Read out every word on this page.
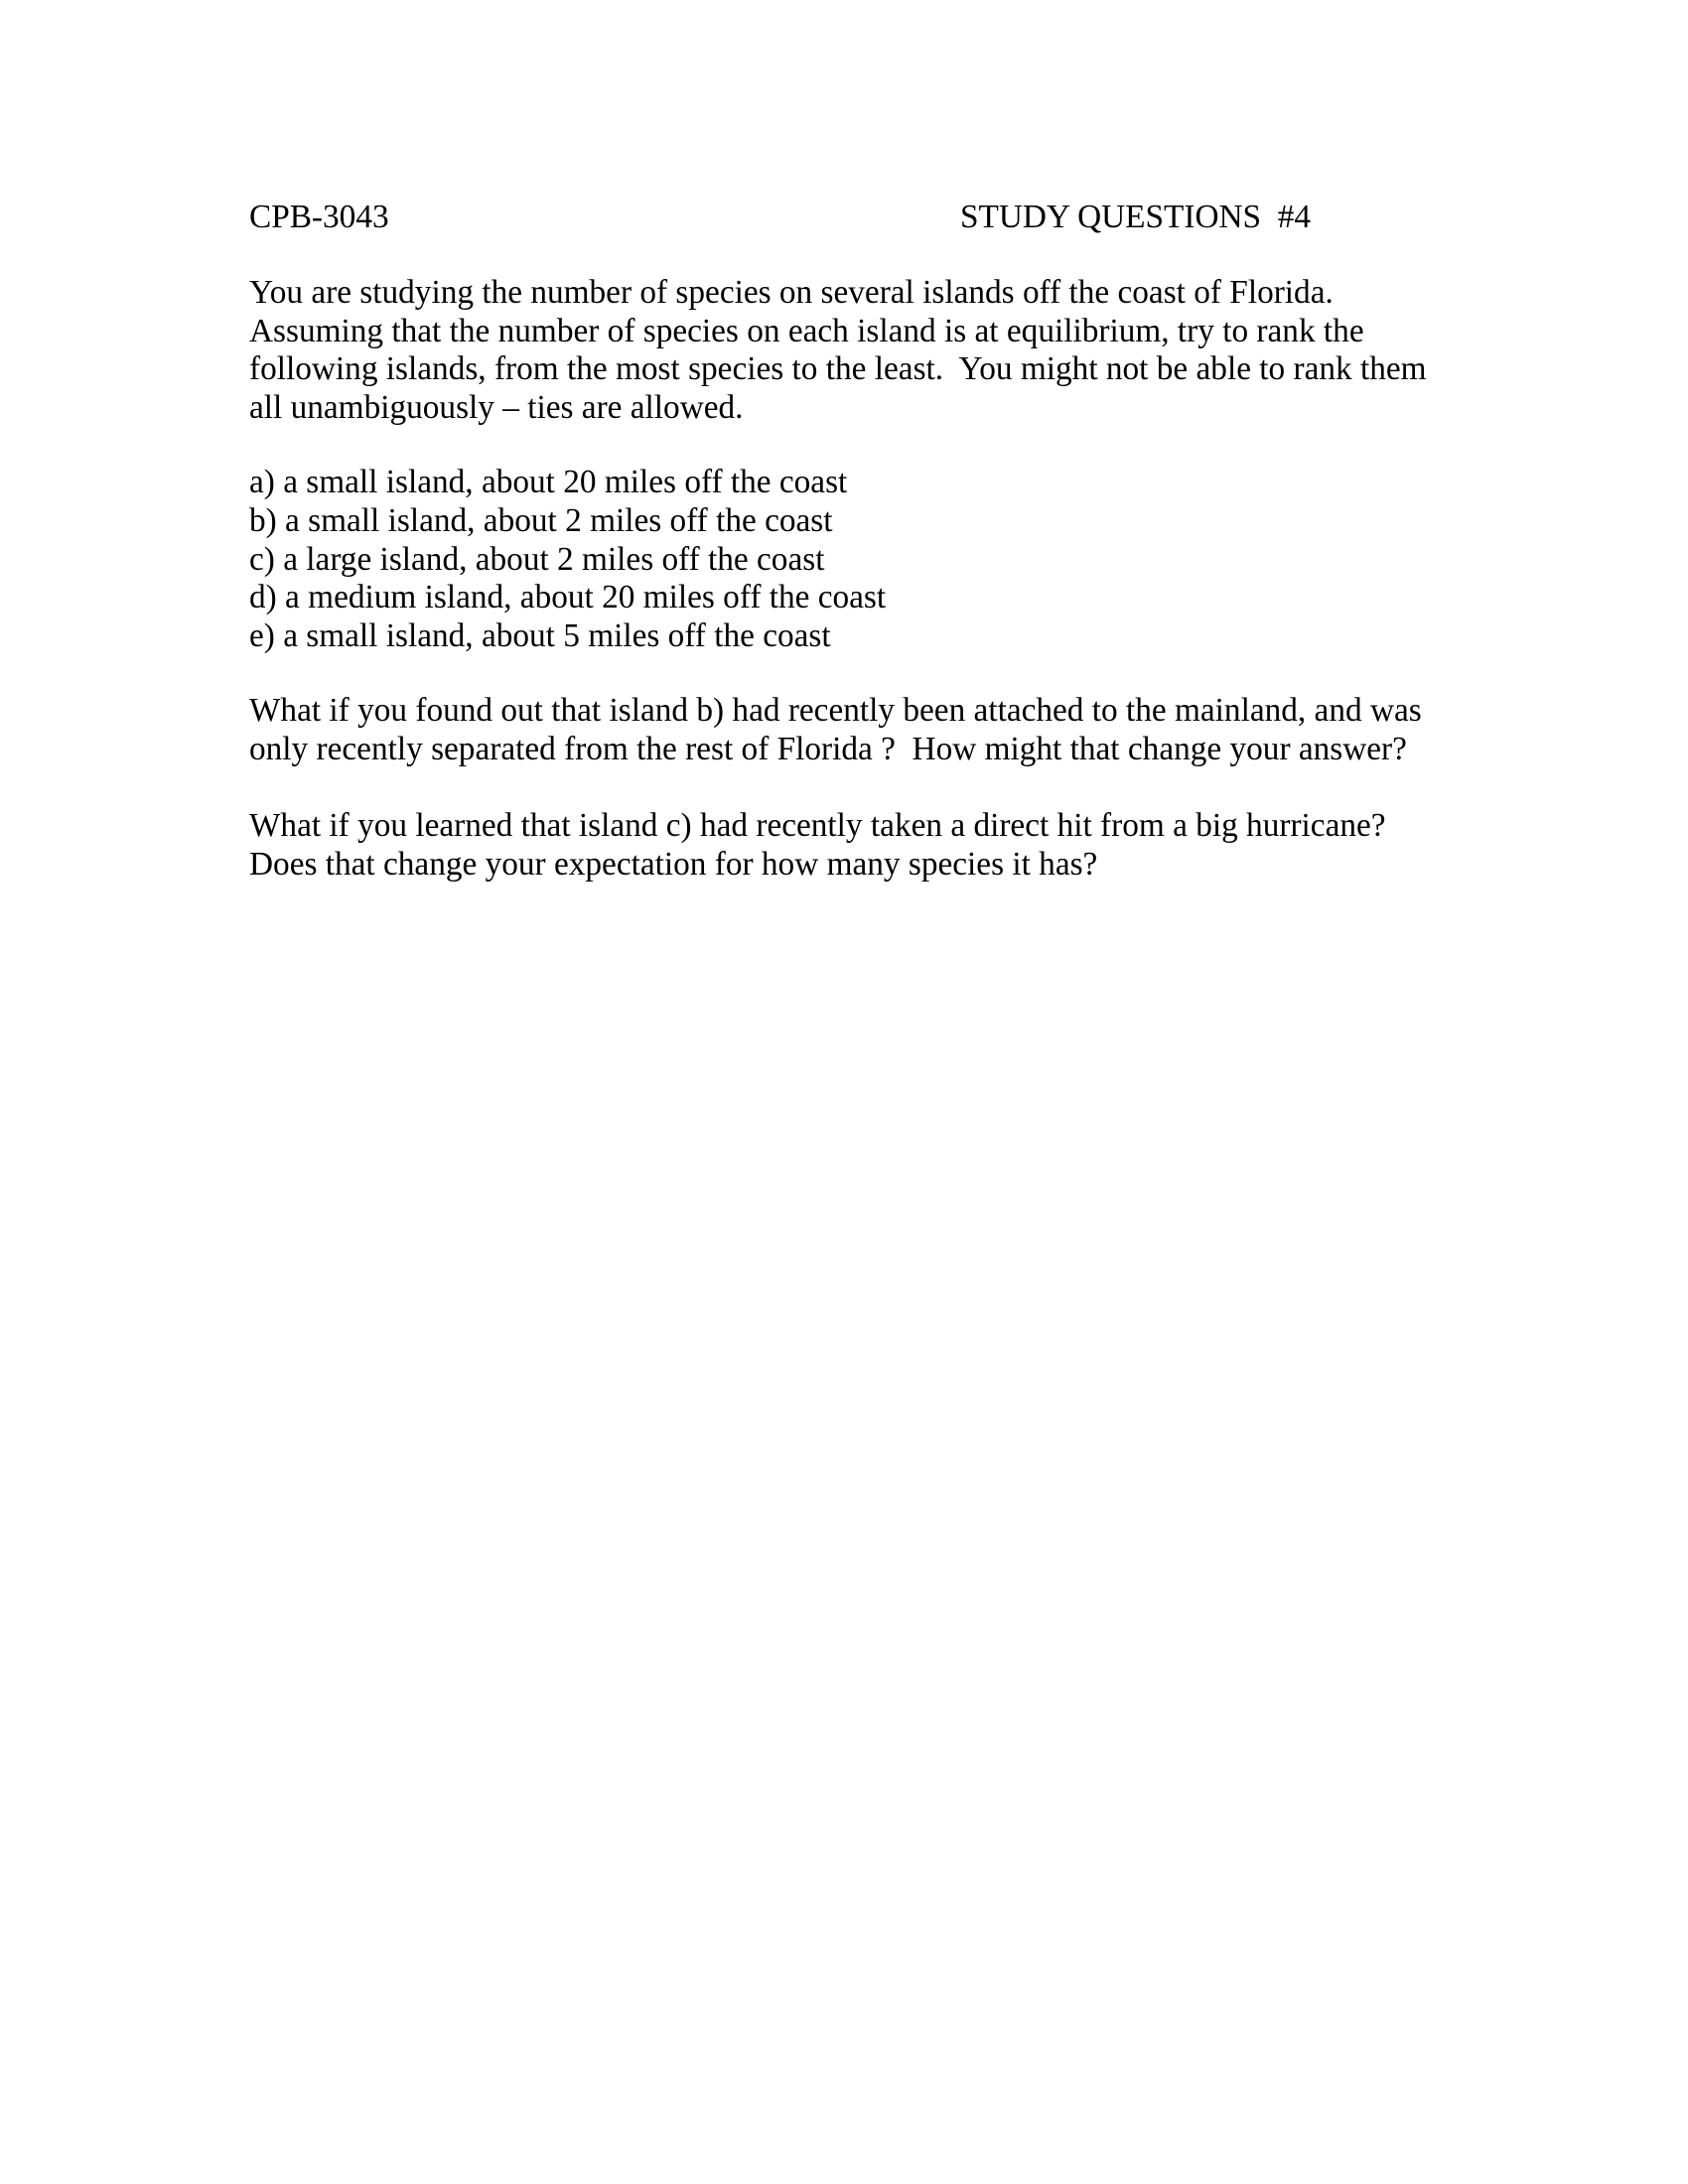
CPB-3043	STUDY QUESTIONS  #4
You are studying the number of species on several islands off the coast of Florida.
Assuming that the number of species on each island is at equilibrium, try to rank the
following islands, from the most species to the least.  You might not be able to rank them
all unambiguously – ties are allowed.
a) a small island, about 20 miles off the coast
b) a small island, about 2 miles off the coast
c) a large island, about 2 miles off the coast
d) a medium island, about 20 miles off the coast
e) a small island, about 5 miles off the coast
What if you found out that island b) had recently been attached to the mainland, and was
only recently separated from the rest of Florida ?  How might that change your answer?
What if you learned that island c) had recently taken a direct hit from a big hurricane?
Does that change your expectation for how many species it has?
